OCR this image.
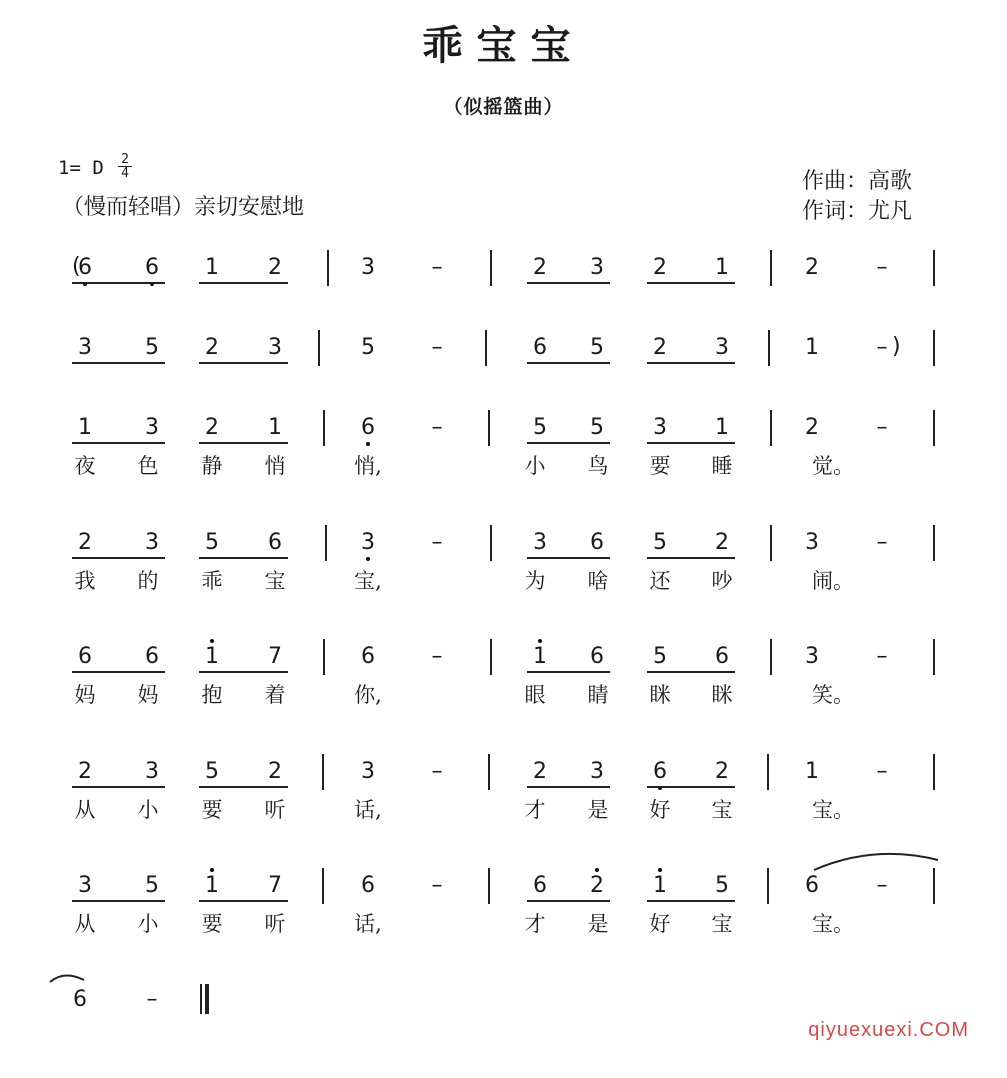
乖宝宝
（似摇篮曲）
1= D $\frac{2}{4}$
（慢而轻唱）亲切安慰地
作曲：高歌
作词：尤凡
6 6 1 2	3	–	2 3 2 1	2	–
(
3 5 2 3	5	–	6 5 2 3	1	– )
1 3 2 1	6	–	5 5 3 1	2	–
夜 色 静 悄	悄,	小 鸟 要 睡	觉。
2 3 5 6	3	–	3 6 5 2	3	–
我 的 乖 宝	宝,	为 啥 还 吵	闹。
6 6 1 7	6	–	1 6 5 6	3	–
妈 妈 抱 着	你,	眼 睛 眯 眯	笑。
2 3 5 2	3	–	2 3 6 2	1	–
从 小 要 听	话,	才 是 好 宝	宝。
3 5 1 7	6	–	6 2 1 5	6	–
从 小 要 听	话,	才 是 好 宝	宝。
6	–
qiyuexuexi.COM
